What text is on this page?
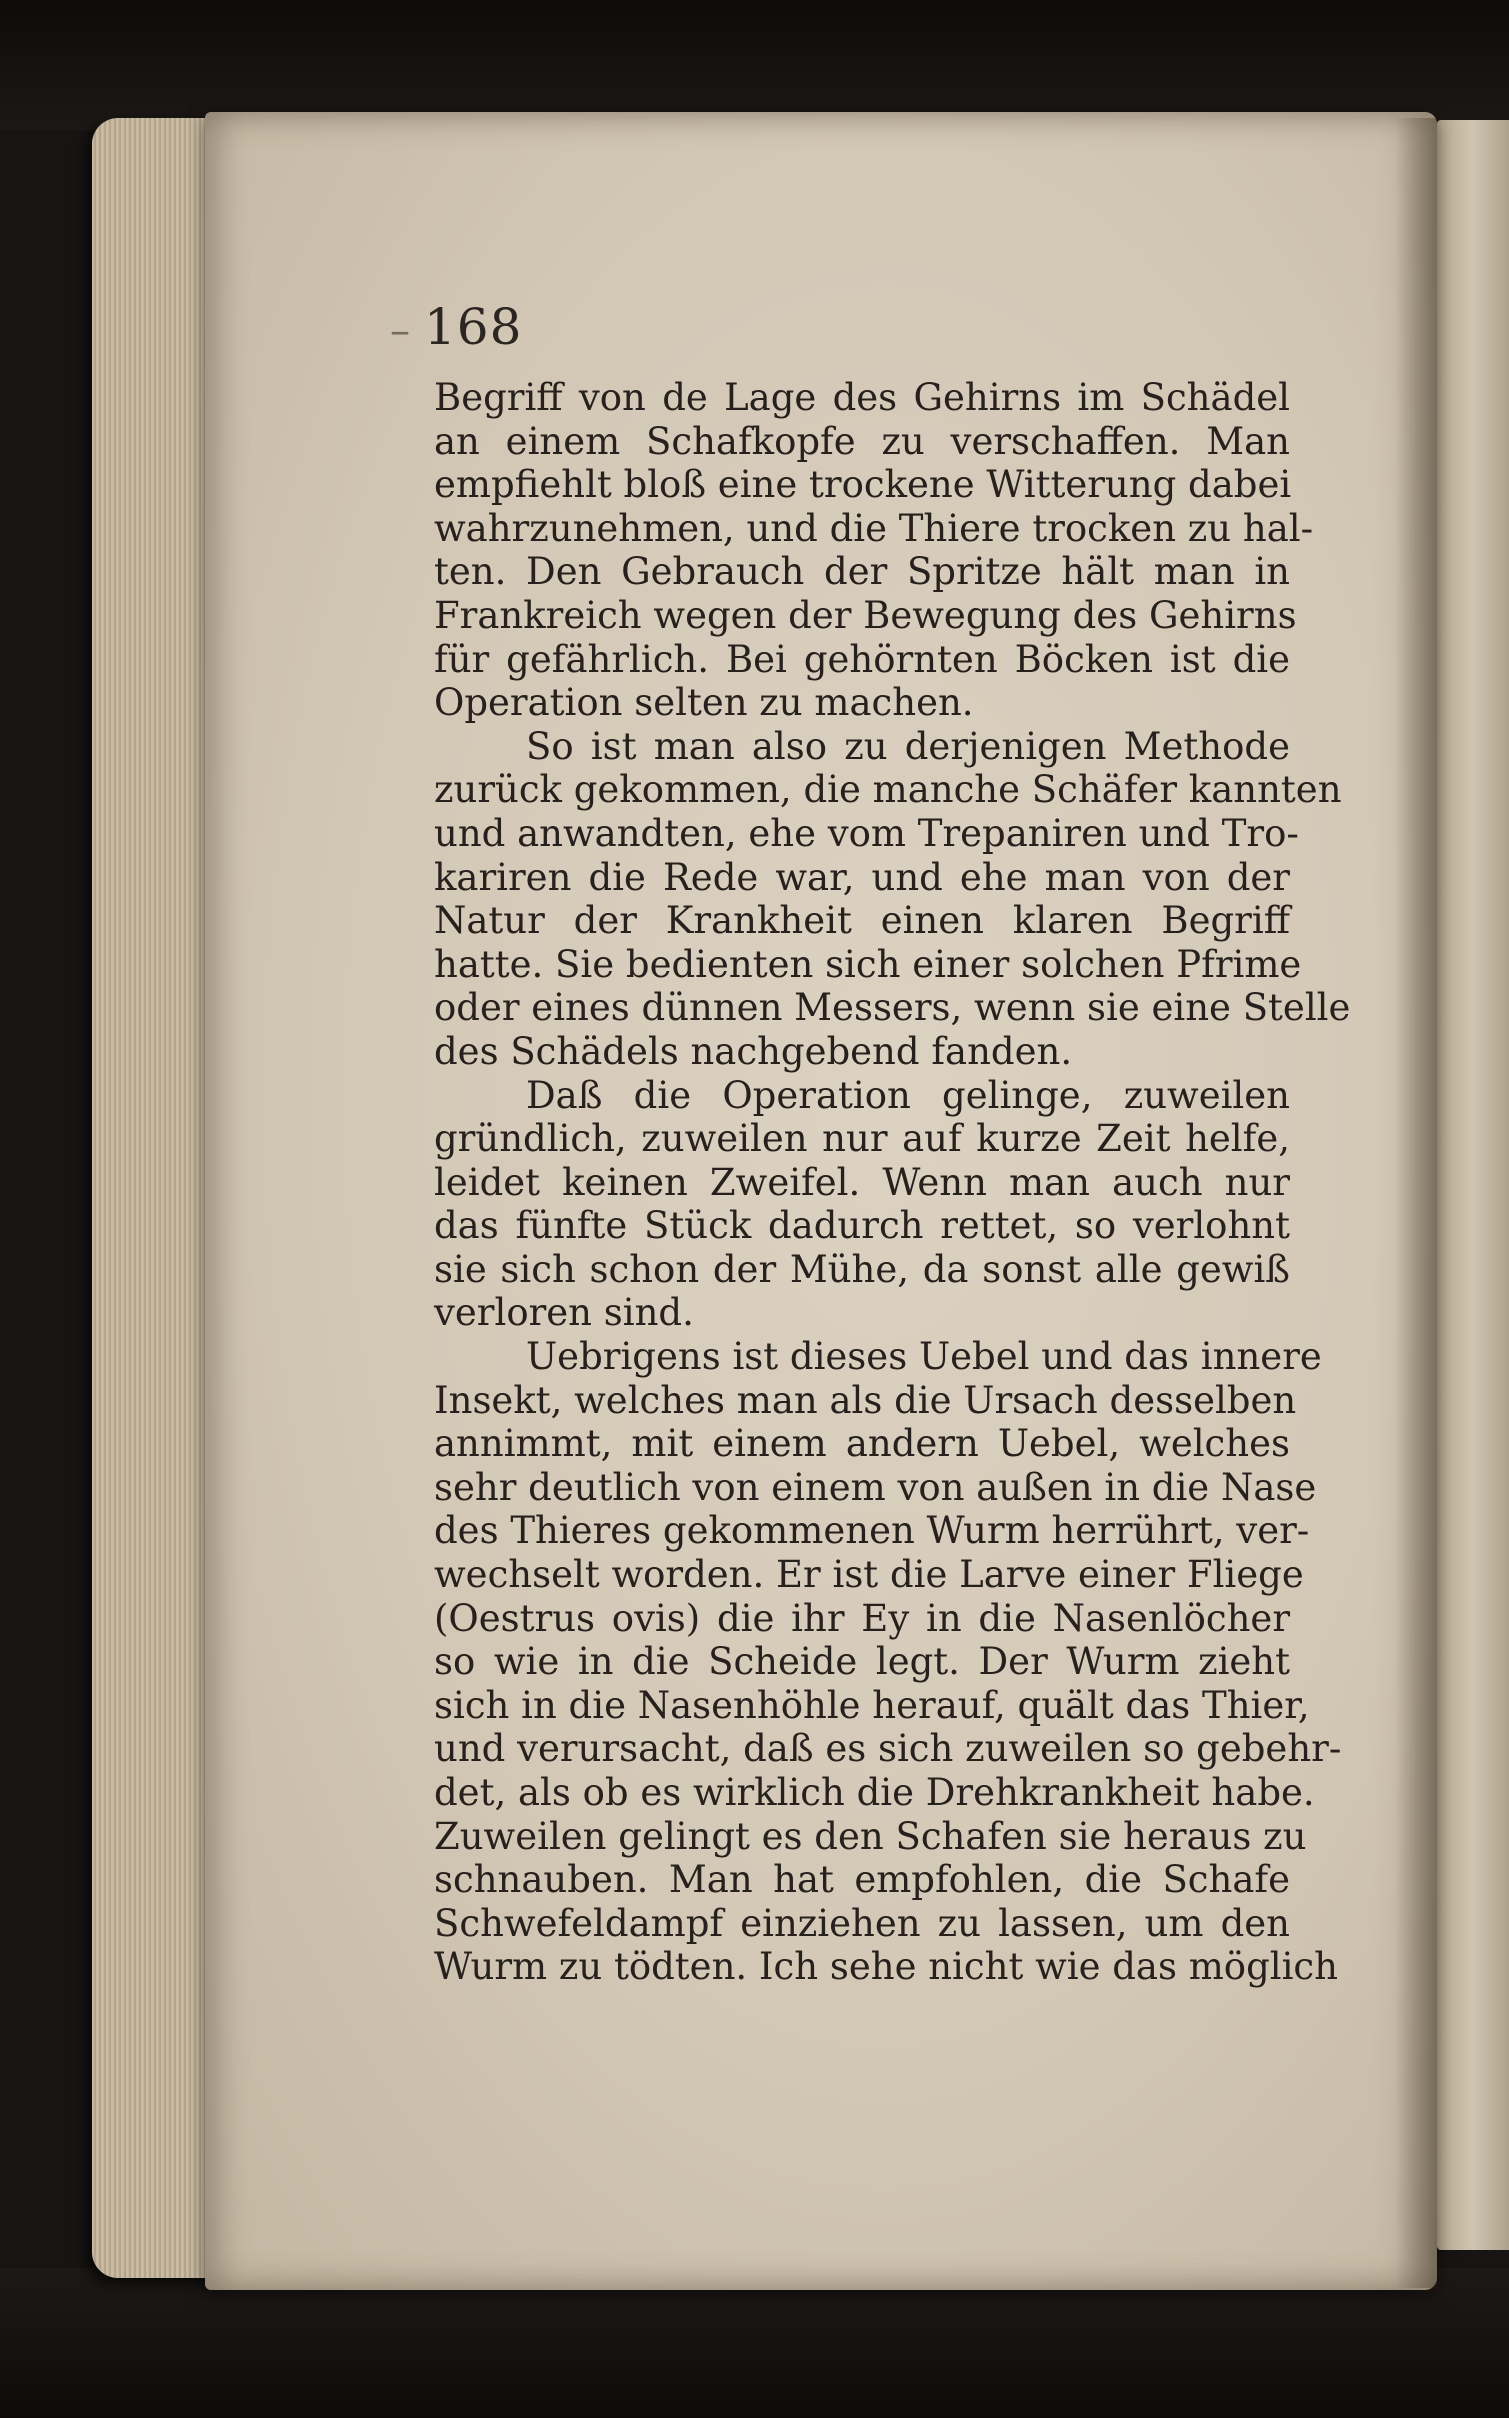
– 168
Begriff von de Lage des Gehirns im Schädel
an einem Schafkopfe zu verschaffen. Man
empfiehlt bloß eine trockene Witterung dabei
wahrzunehmen, und die Thiere trocken zu hal-
ten. Den Gebrauch der Spritze hält man in
Frankreich wegen der Bewegung des Gehirns
für gefährlich. Bei gehörnten Böcken ist die
Operation selten zu machen.
So ist man also zu derjenigen Methode
zurück gekommen, die manche Schäfer kannten
und anwandten, ehe vom Trepaniren und Tro-
kariren die Rede war, und ehe man von der
Natur der Krankheit einen klaren Begriff
hatte. Sie bedienten sich einer solchen Pfrime
oder eines dünnen Messers, wenn sie eine Stelle
des Schädels nachgebend fanden.
Daß die Operation gelinge, zuweilen
gründlich, zuweilen nur auf kurze Zeit helfe,
leidet keinen Zweifel. Wenn man auch nur
das fünfte Stück dadurch rettet, so verlohnt
sie sich schon der Mühe, da sonst alle gewiß
verloren sind.
Uebrigens ist dieses Uebel und das innere
Insekt, welches man als die Ursach desselben
annimmt, mit einem andern Uebel, welches
sehr deutlich von einem von außen in die Nase
des Thieres gekommenen Wurm herrührt, ver-
wechselt worden. Er ist die Larve einer Fliege
(Oestrus ovis) die ihr Ey in die Nasenlöcher
so wie in die Scheide legt. Der Wurm zieht
sich in die Nasenhöhle herauf, quält das Thier,
und verursacht, daß es sich zuweilen so gebehr-
det, als ob es wirklich die Drehkrankheit habe.
Zuweilen gelingt es den Schafen sie heraus zu
schnauben. Man hat empfohlen, die Schafe
Schwefeldampf einziehen zu lassen, um den
Wurm zu tödten. Ich sehe nicht wie das möglich
